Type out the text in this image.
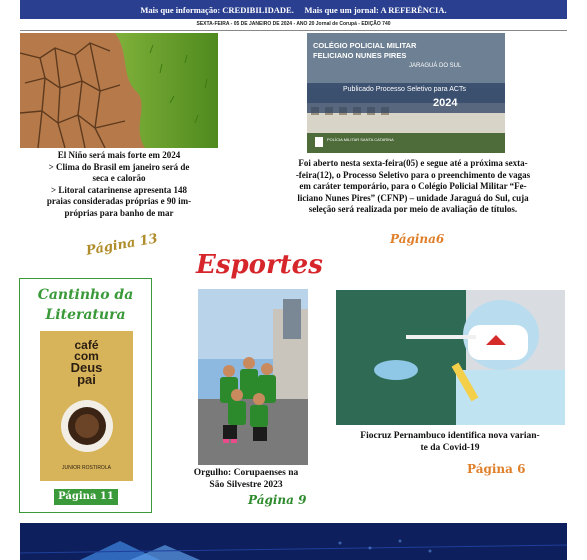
Mais que informação: CREDIBILIDADE. Mais que um jornal: A REFERÊNCIA.
SEXTA-FEIRA - 05 DE JANEIRO DE 2024 - ANO 20 Jornal de Corupá - EDIÇÃO 740
El Niño será mais forte em 2024
> Clima do Brasil em janeiro será de
seca e calorão
> Litoral catarinense apresenta 148
praias consideradas próprias e 90 im-
próprias para banho de mar
Página 13
COLÉGIO POLICIAL MILITAR
FELICIANO NUNES PIRES
JARAGUÁ DO SUL
Publicado Processo Seletivo para ACTs
2024
POLÍCIA MILITAR SANTA CATARINA
Foi aberto nesta sexta-feira(05) e segue até a próxima sexta-
-feira(12), o Processo Seletivo para o preenchimento de vagas
em caráter temporário, para o Colégio Policial Militar “Fe-
liciano Nunes Pires” (CFNP) – unidade Jaraguá do Sul, cuja
seleção será realizada por meio de avaliação de títulos.
Página6
Esportes
Cantinho da
Literatura
café
com
Deus
pai
JUNIOR ROSTIROLA
Página 11
Orgulho: Corupaenses na
São Silvestre 2023
Página 9
Fiocruz Pernambuco identifica nova varian-
te da Covid-19
Página 6
